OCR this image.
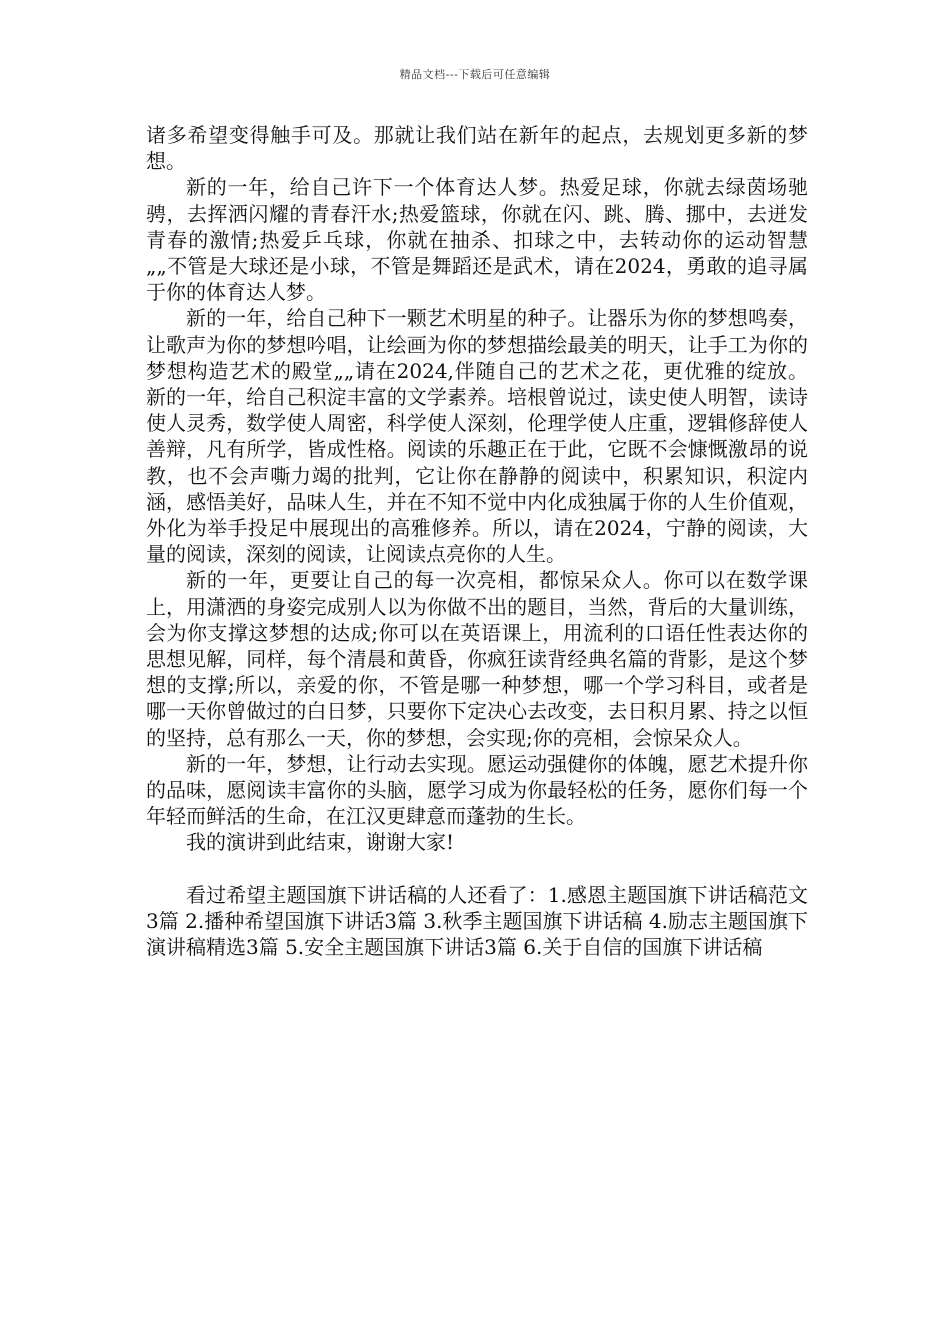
精品文档---下载后可任意编辑

诸多希望变得触手可及。那就让我们站在新年的起点，去规划更多新的梦想。

新的一年，给自己许下一个体育达人梦。热爱足球，你就去绿茵场驰骋，去挥洒闪耀的青春汗水;热爱篮球，你就在闪、跳、腾、挪中，去迸发青春的激情;热爱乒乓球，你就在抽杀、扣球之中，去转动你的运动智慧„„不管是大球还是小球，不管是舞蹈还是武术，请在2024，勇敢的追寻属于你的体育达人梦。

新的一年，给自己种下一颗艺术明星的种子。让器乐为你的梦想鸣奏，让歌声为你的梦想吟唱，让绘画为你的梦想描绘最美的明天，让手工为你的梦想构造艺术的殿堂„„请在2024,伴随自己的艺术之花，更优雅的绽放。 新的一年，给自己积淀丰富的文学素养。培根曾说过，读史使人明智，读诗使人灵秀，数学使人周密，科学使人深刻，伦理学使人庄重，逻辑修辞使人善辩，凡有所学，皆成性格。阅读的乐趣正在于此，它既不会慷慨激昂的说教，也不会声嘶力竭的批判，它让你在静静的阅读中，积累知识，积淀内涵，感悟美好，品味人生，并在不知不觉中内化成独属于你的人生价值观，外化为举手投足中展现出的高雅修养。所以，请在2024，宁静的阅读，大量的阅读，深刻的阅读，让阅读点亮你的人生。

新的一年，更要让自己的每一次亮相，都惊呆众人。你可以在数学课上，用潇洒的身姿完成别人以为你做不出的题目，当然，背后的大量训练，会为你支撑这梦想的达成;你可以在英语课上，用流利的口语任性表达你的思想见解，同样，每个清晨和黄昏，你疯狂读背经典名篇的背影，是这个梦想的支撑;所以，亲爱的你，不管是哪一种梦想，哪一个学习科目，或者是哪一天你曾做过的白日梦，只要你下定决心去改变，去日积月累、持之以恒的坚持，总有那么一天，你的梦想，会实现;你的亮相，会惊呆众人。

新的一年，梦想，让行动去实现。愿运动强健你的体魄，愿艺术提升你的品味，愿阅读丰富你的头脑，愿学习成为你最轻松的任务，愿你们每一个年轻而鲜活的生命，在江汉更肆意而蓬勃的生长。

我的演讲到此结束，谢谢大家!

看过希望主题国旗下讲话稿的人还看了：1.感恩主题国旗下讲话稿范文3篇 2.播种希望国旗下讲话3篇 3.秋季主题国旗下讲话稿 4.励志主题国旗下演讲稿精选3篇 5.安全主题国旗下讲话3篇 6.关于自信的国旗下讲话稿
